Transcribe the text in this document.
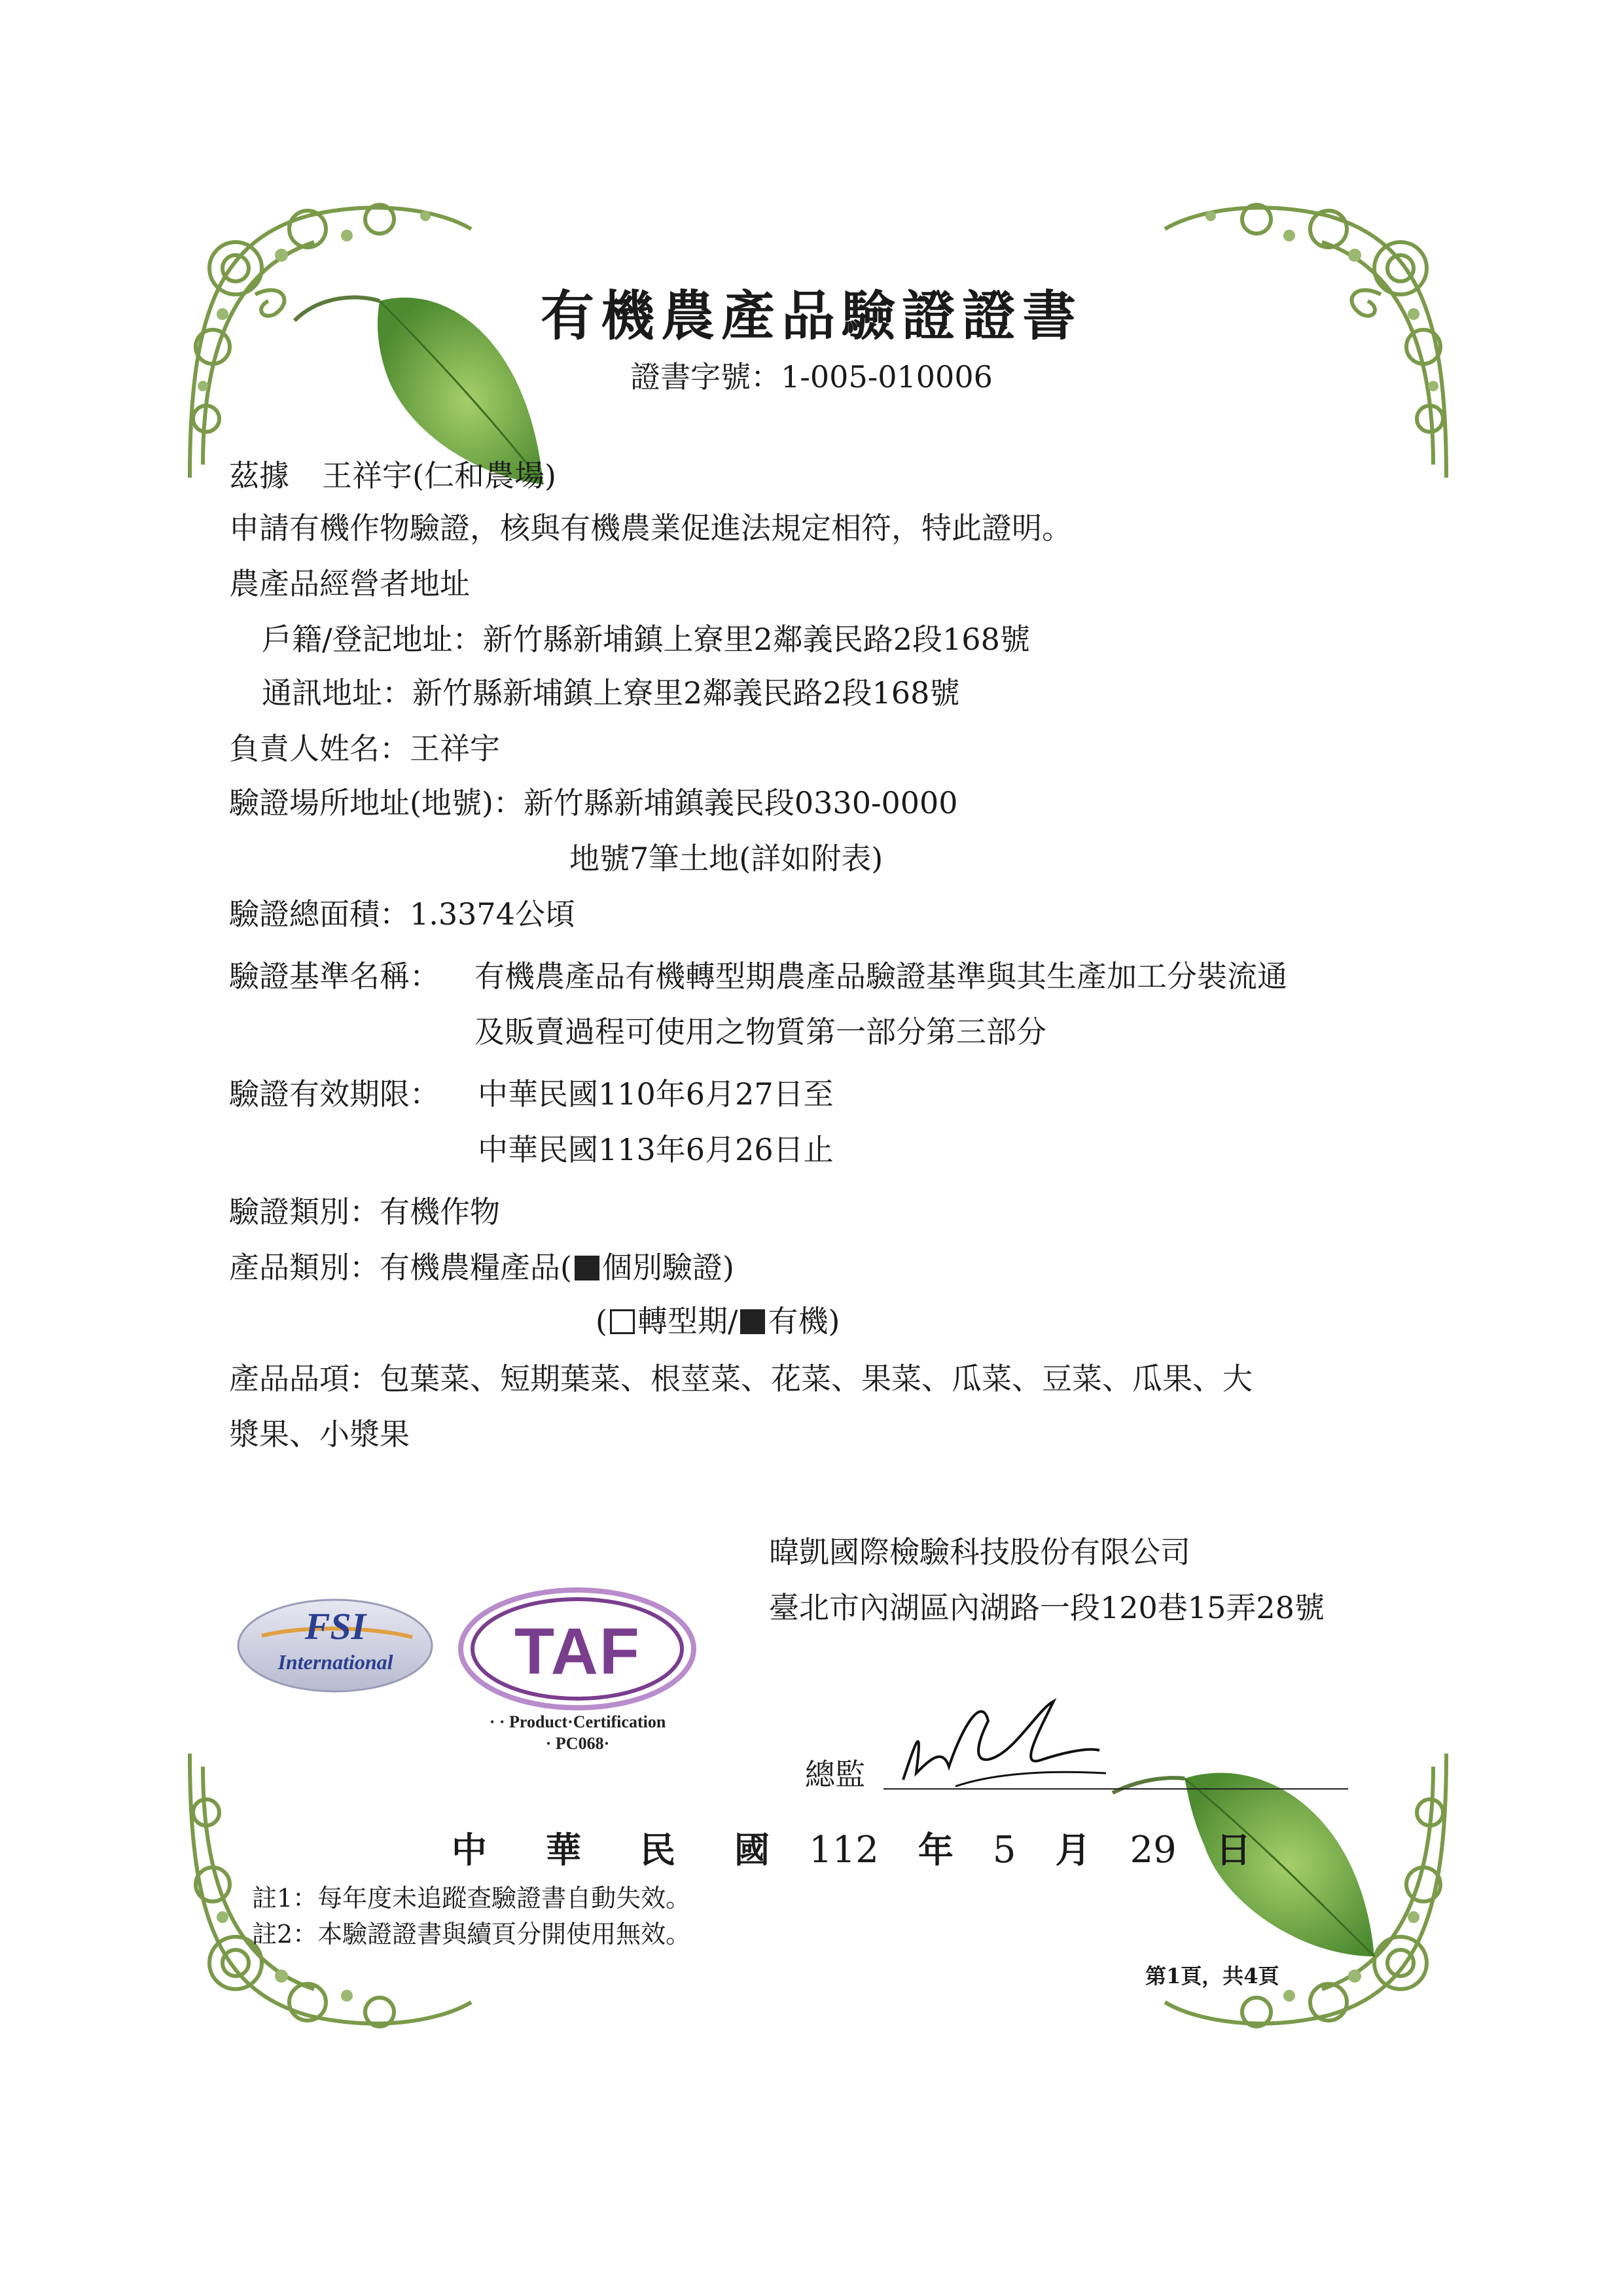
有機農產品驗證證書
證書字號：1-005-010006
茲據 王祥宇(仁和農場)
申請有機作物驗證，核與有機農業促進法規定相符，特此證明。
農產品經營者地址
戶籍/登記地址：新竹縣新埔鎮上寮里2鄰義民路2段168號
通訊地址：新竹縣新埔鎮上寮里2鄰義民路2段168號
負責人姓名：王祥宇
驗證場所地址(地號)：新竹縣新埔鎮義民段0330-0000
地號7筆土地(詳如附表)
驗證總面積：1.3374公頃
驗證基準名稱： 有機農產品有機轉型期農產品驗證基準與其生產加工分裝流通
及販賣過程可使用之物質第一部分第三部分
驗證有效期限： 中華民國110年6月27日至
中華民國113年6月26日止
驗證類別：有機作物
產品類別：有機農糧產品( 個別驗證)
( 轉型期/ 有機)
產品品項：包葉菜、短期葉菜、根莖菜、花菜、果菜、瓜菜、豆菜、瓜果、大
漿果、小漿果
暐凱國際檢驗科技股份有限公司
臺北市內湖區內湖路一段120巷15弄28號
FSI
International	TAF
· · Product·Certification
· PC068·
總監
中 華 民 國 112 年 5 月 29 日
註1：每年度未追蹤查驗證書自動失效。
註2：本驗證證書與續頁分開使用無效。
第1頁，共4頁
